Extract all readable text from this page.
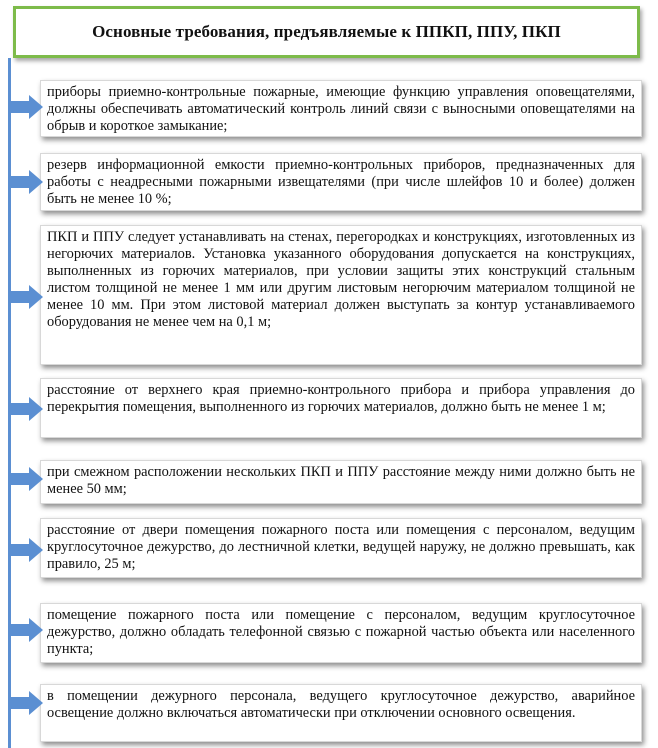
Основные требования, предъявляемые к ППКП, ППУ, ПКП
приборы приемно-контрольные пожарные, имеющие функцию управления оповещателями, должны обеспечивать автоматический контроль линий связи с выносными оповещателями на обрыв и короткое замыкание;
резерв информационной емкости приемно-контрольных приборов, предназначенных для работы с неадресными пожарными извещателями (при числе шлейфов 10 и более) должен быть не менее 10 %;
ПКП и ППУ следует устанавливать на стенах, перегородках и конструкциях, изготовленных из негорючих материалов. Установка указанного оборудования допускается на конструкциях, выполненных из горючих материалов, при условии защиты этих конструкций стальным листом толщиной не менее 1 мм или другим листовым негорючим материалом толщиной не менее 10 мм. При этом листовой материал должен выступать за контур устанавливаемого оборудования не менее чем на 0,1 м;
расстояние от верхнего края приемно-контрольного прибора и прибора управления до перекрытия помещения, выполненного из горючих материалов, должно быть не менее 1 м;
при смежном расположении нескольких ПКП и ППУ расстояние между ними должно быть не менее 50 мм;
расстояние от двери помещения пожарного поста или помещения с персоналом, ведущим круглосуточное дежурство, до лестничной клетки, ведущей наружу, не должно превышать, как правило, 25 м;
помещение пожарного поста или помещение с персоналом, ведущим круглосуточное дежурство, должно обладать телефонной связью с пожарной частью объекта или населенного пункта;
в помещении дежурного персонала, ведущего круглосуточное дежурство, аварийное освещение должно включаться автоматически при отключении основного освещения.
